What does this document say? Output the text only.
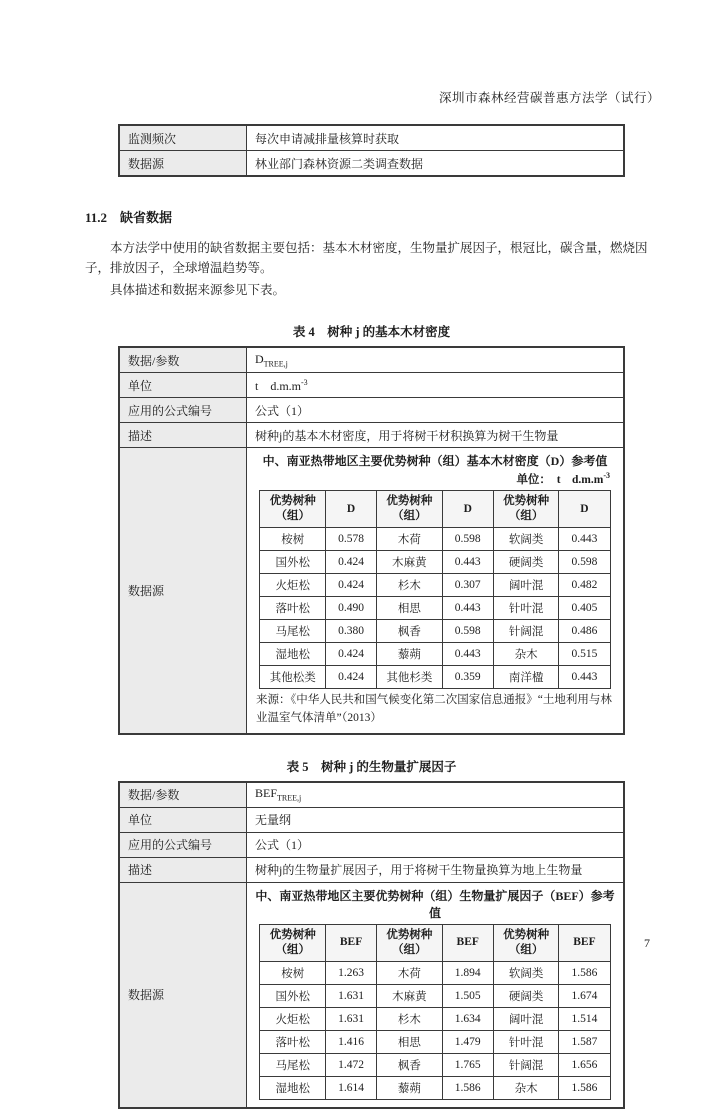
深圳市森林经营碳普惠方法学（试行）
监测频次	每次申请减排量核算时获取
数据源	林业部门森林资源二类调查数据
11.2　缺省数据

本方法学中使用的缺省数据主要包括：基本木材密度，生物量扩展因子，根冠比，碳含量，燃烧因子，排放因子，全球增温趋势等。

具体描述和数据来源参见下表。

表 4　树种 j 的基本木材密度
数据/参数	$D_{TREE,j}$
单位	t　$d.m.m^{-3}$
应用的公式编号	公式（1）
描述	树种j的基本木材密度，用于将树干材积换算为树干生物量
数据源	
中、南亚热带地区主要优势树种（组）基本木材密度（D）参考值
单位：　 t　$d.m.m^{-3}$
优势树种
（组）	D	优势树种
（组）	D	优势树种
（组）	D
桉树	0.578	木荷	0.598	软阔类	0.443
国外松	0.424	木麻黄	0.443	硬阔类	0.598
火炬松	0.424	杉木	0.307	阔叶混	0.482
落叶松	0.490	相思	0.443	针叶混	0.405
马尾松	0.380	枫香	0.598	针阔混	0.486
湿地松	0.424	藜蒴	0.443	杂木	0.515
其他松类	0.424	其他杉类	0.359	南洋楹	0.443
来源：《中华人民共和国气候变化第二次国家信息通报》“土地利用与林业温室气体清单”（2013）
表 5　树种 j 的生物量扩展因子
数据/参数	$BEF_{TREE,j}$
单位	无量纲
应用的公式编号	公式（1）
描述	树种j的生物量扩展因子，用于将树干生物量换算为地上生物量
数据源	
中、南亚热带地区主要优势树种（组）生物量扩展因子（BEF）参考值
优势树种
（组）	BEF	优势树种
（组）	BEF	优势树种
（组）	BEF
桉树	1.263	木荷	1.894	软阔类	1.586
国外松	1.631	木麻黄	1.505	硬阔类	1.674
火炬松	1.631	杉木	1.634	阔叶混	1.514
落叶松	1.416	相思	1.479	针叶混	1.587
马尾松	1.472	枫香	1.765	针阔混	1.656
湿地松	1.614	藜蒴	1.586	杂木	1.586
7
